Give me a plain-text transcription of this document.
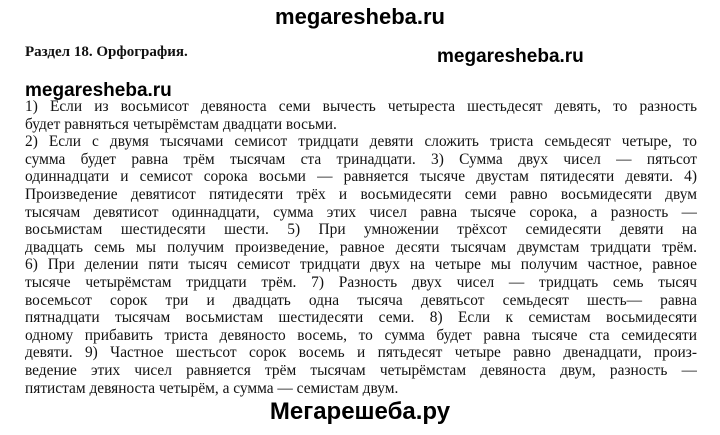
megaresheba.ru
Раздел 18. Орфография.	megaresheba.ru
megaresheba.ru
1) Если из восьмисот девяноста семи вычесть четыреста шестьдесят девять, то разность
будет равняться четырёмстам двадцати восьми.
2) Если с двумя тысячами семисот тридцати девяти сложить триста семьдесят четыре, то
сумма будет равна трём тысячам ста тринадцати. 3) Сумма двух чисел — пятьсот
одиннадцати и семисот сорока восьми — равняется тысяче двустам пятидесяти девяти. 4)
Произведение девятисот пятидесяти трёх и восьмидесяти семи равно восьмидесяти двум
тысячам девятисот одиннадцати, сумма этих чисел равна тысяче сорока, а разность —
восьмистам шестидесяти шести. 5) При умножении трёхсот семидесяти девяти на
двадцать семь мы получим произведение, равное десяти тысячам двумстам тридцати трём.
6) При делении пяти тысяч семисот тридцати двух на четыре мы получим частное, равное
тысяче четырёмстам тридцати трём. 7) Разность двух чисел — тридцать семь тысяч
восемьсот сорок три и двадцать одна тысяча девятьсот семьдесят шесть— равна
пятнадцати тысячам восьмистам шестидесяти семи. 8) Если к семистам восьмидесяти
одному прибавить триста девяносто восемь, то сумма будет равна тысяче ста семидесяти
девяти. 9) Частное шестьсот сорок восемь и пятьдесят четыре равно двенадцати, произ-
ведение этих чисел равняется трём тысячам четырёмстам девяноста двум, разность —
пятистам девяноста четырём, а сумма — семистам двум.
Мегарешеба.ру
